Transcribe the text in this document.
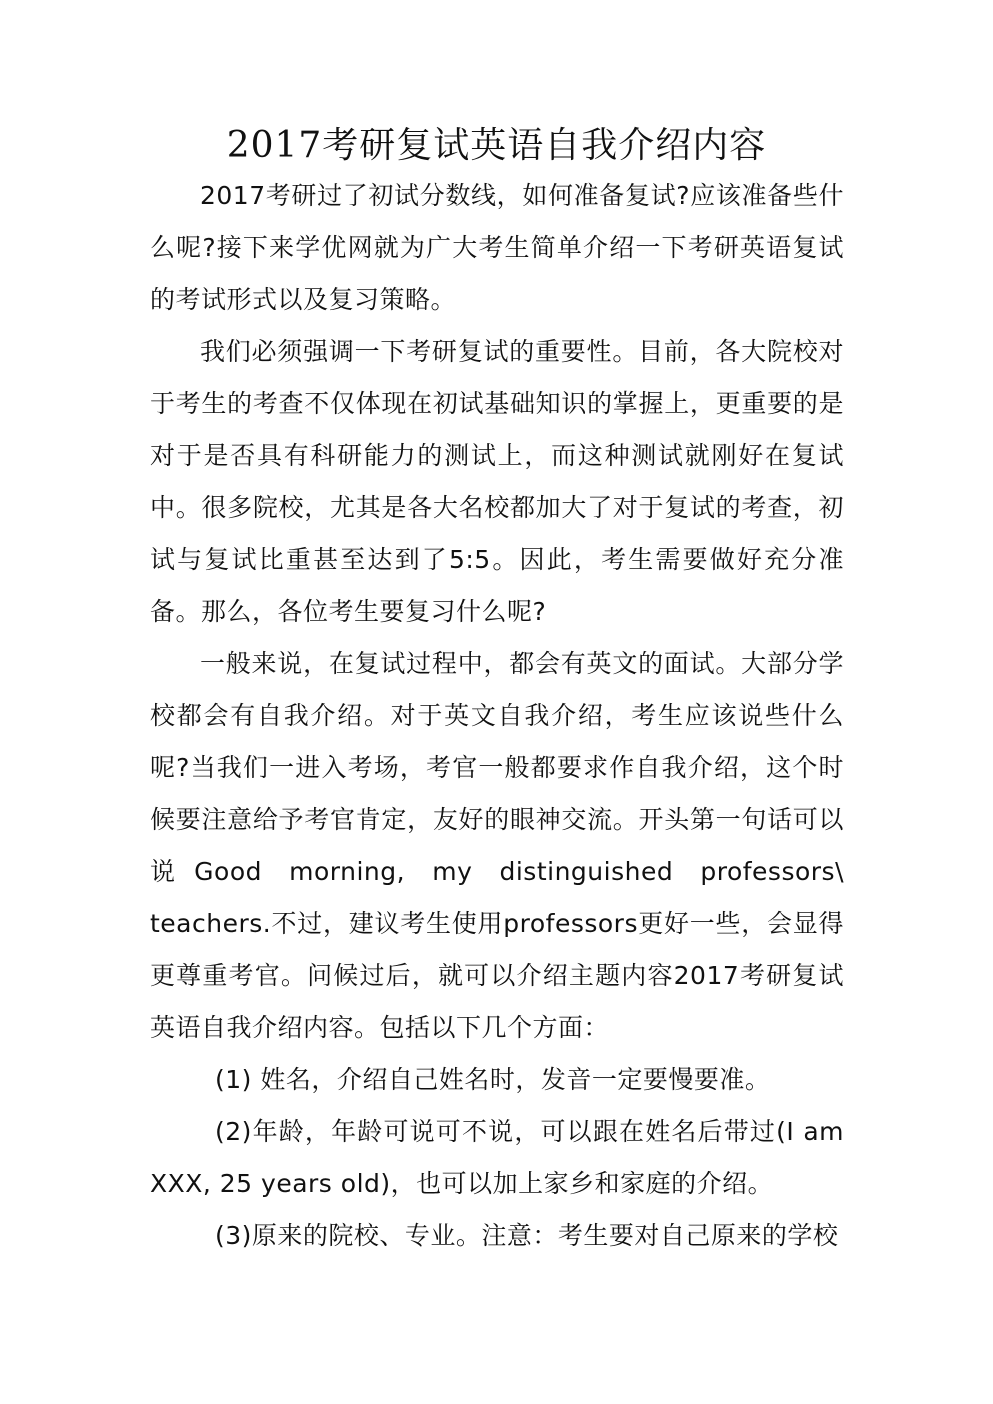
2017考研复试英语自我介绍内容

2017考研过了初试分数线，如何准备复试?应该准备些什么呢?接下来学优网就为广大考生简单介绍一下考研英语复试的考试形式以及复习策略。

我们必须强调一下考研复试的重要性。目前，各大院校对于考生的考查不仅体现在初试基础知识的掌握上，更重要的是对于是否具有科研能力的测试上，而这种测试就刚好在复试中。很多院校，尤其是各大名校都加大了对于复试的考查，初试与复试比重甚至达到了5:5。因此，考生需要做好充分准备。那么，各位考生要复习什么呢?

一般来说，在复试过程中，都会有英文的面试。大部分学校都会有自我介绍。对于英文自我介绍，考生应该说些什么呢?当我们一进入考场，考官一般都要求作自我介绍，这个时候要注意给予考官肯定，友好的眼神交流。开头第一句话可以说Good morning, my distinguished professors\ teachers.不过，建议考生使用professors更好一些，会显得更尊重考官。问候过后，就可以介绍主题内容2017考研复试英语自我介绍内容。包括以下几个方面：

(1) 姓名，介绍自己姓名时，发音一定要慢要准。

(2)年龄，年龄可说可不说，可以跟在姓名后带过(I am XXX, 25 years old)，也可以加上家乡和家庭的介绍。

(3)原来的院校、专业。注意：考生要对自己原来的学校
